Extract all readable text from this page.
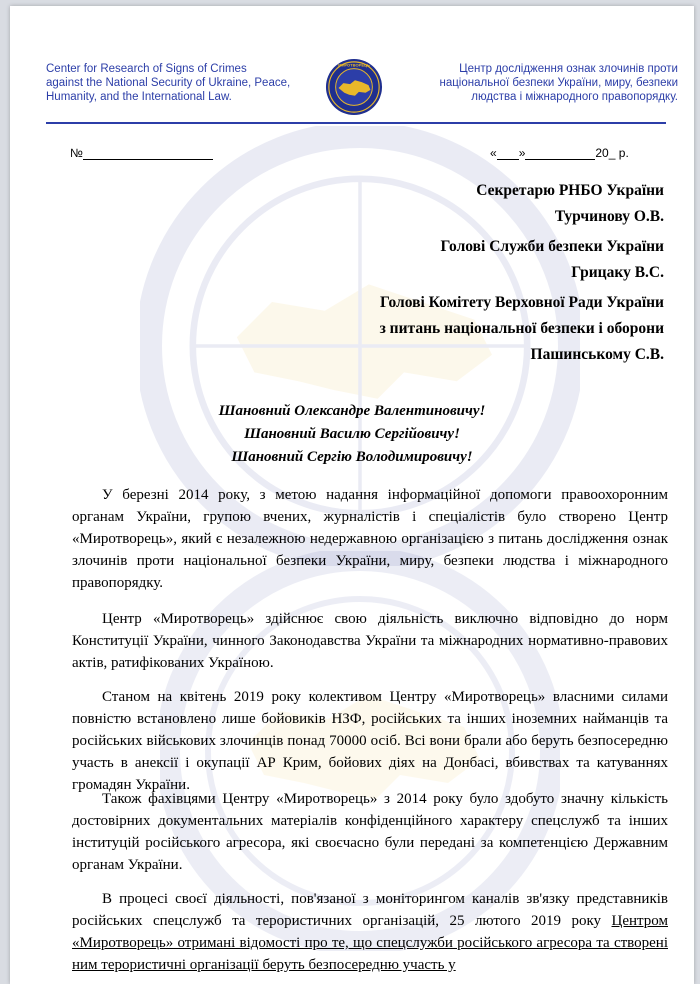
Center for Research of Signs of Crimes
against the National Security of Ukraine, Peace,
Humanity, and the International Law.
МИРОТВОРЕЦЬ	Центр дослідження ознак злочинів проти
національної безпеки України, миру, безпеки
людства і міжнародного правопорядку.
№	« »	20_ р.
Секретарю РНБО України
Турчинову О.В.
Голові Служби безпеки України
Грицаку В.С.
Голові Комітету Верховної Ради України
з питань національної безпеки і оборони
Пашинському С.В.
Шановний Олександре Валентиновичу!
Шановний Василю Сергійовичу!
Шановний Сергію Володимировичу!

У березні 2014 року, з метою надання інформаційної допомоги правоохоронним органам України, групою вчених, журналістів і спеціалістів було створено Центр «Миротворець», який є незалежною недержавною організацією з питань дослідження ознак злочинів проти національної безпеки України, миру, безпеки людства і міжнародного правопорядку.

Центр «Миротворець» здійснює свою діяльність виключно відповідно до норм Конституції України, чинного Законодавства України та міжнародних нормативно-правових актів, ратифікованих Україною.

Станом на квітень 2019 року колективом Центру «Миротворець» власними силами повністю встановлено лише бойовиків НЗФ, російських та інших іноземних найманців та російських військових злочинців понад 70000 осіб. Всі вони брали або беруть безпосередню участь в анексії і окупації АР Крим, бойових діях на Донбасі, вбивствах та катуваннях громадян України.

Також фахівцями Центру «Миротворець» з 2014 року було здобуто значну кількість достовірних документальних матеріалів конфіденційного характеру спецслужб та інших інституцій російського агресора, які своєчасно були передані за компетенцією Державним органам України.

В процесі своєї діяльності, пов'язаної з моніторингом каналів зв'язку представників російських спецслужб та терористичних організацій, 25 лютого 2019 року Центром «Миротворець» отримані відомості про те, що спецслужби російського агресора та створені ним терористичні організації беруть безпосередню участь у
